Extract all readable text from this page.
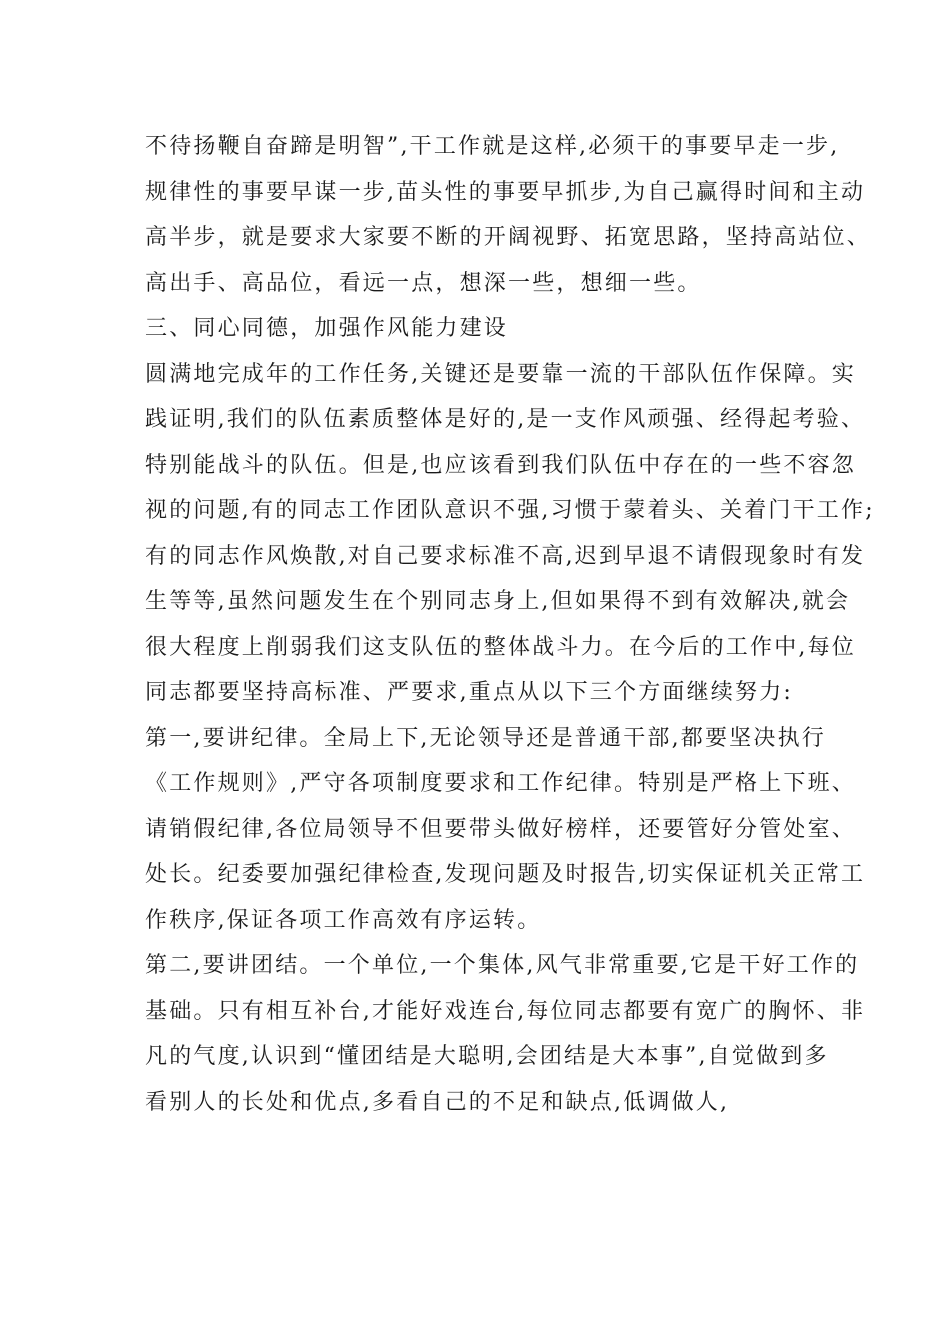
不待扬鞭自奋蹄是明智”,干工作就是这样,必须干的事要早走一步,
规律性的事要早谋一步,苗头性的事要早抓步,为自己赢得时间和主动
高半步，就是要求大家要不断的开阔视野、拓宽思路，坚持高站位、
高出手、高品位，看远一点，想深一些，想细一些。
三、同心同德，加强作风能力建设
圆满地完成年的工作任务,关键还是要靠一流的干部队伍作保障。实
践证明,我们的队伍素质整体是好的,是一支作风顽强、经得起考验、
特别能战斗的队伍。但是,也应该看到我们队伍中存在的一些不容忽
视的问题,有的同志工作团队意识不强,习惯于蒙着头、关着门干工作;
有的同志作风焕散,对自己要求标准不高,迟到早退不请假现象时有发
生等等,虽然问题发生在个别同志身上,但如果得不到有效解决,就会
很大程度上削弱我们这支队伍的整体战斗力。在今后的工作中,每位
同志都要坚持高标准、严要求,重点从以下三个方面继续努力:
第一,要讲纪律。全局上下,无论领导还是普通干部,都要坚决执行
《工作规则》,严守各项制度要求和工作纪律。特别是严格上下班、
请销假纪律,各位局领导不但要带头做好榜样，还要管好分管处室、
处长。纪委要加强纪律检查,发现问题及时报告,切实保证机关正常工
作秩序,保证各项工作高效有序运转。
第二,要讲团结。一个单位,一个集体,风气非常重要,它是干好工作的
基础。只有相互补台,才能好戏连台,每位同志都要有宽广的胸怀、非
凡的气度,认识到“懂团结是大聪明,会团结是大本事”,自觉做到多
看别人的长处和优点,多看自己的不足和缺点,低调做人,
